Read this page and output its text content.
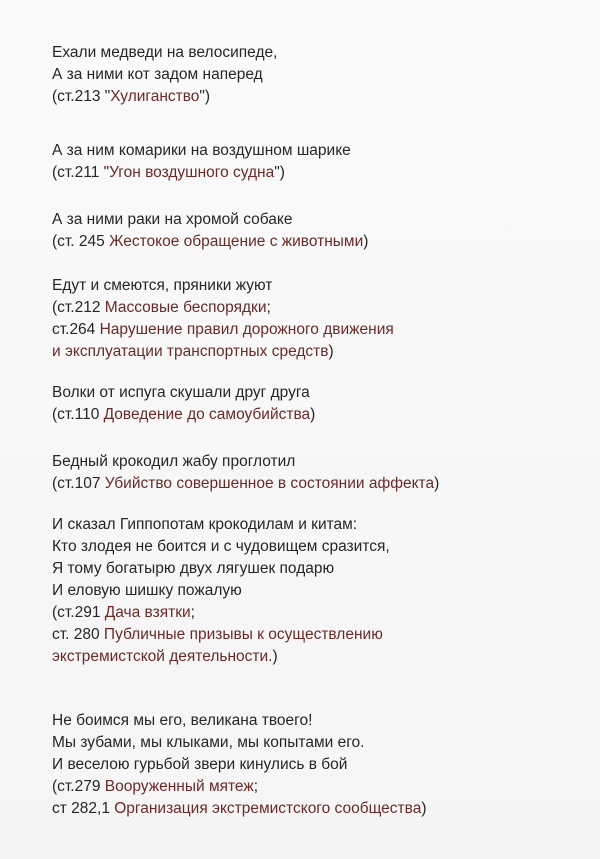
Ехали медведи на велосипеде,
А за ними кот задом наперед
(ст.213 "Хулиганство")
А за ним комарики на воздушном шарике
(ст.211 "Угон воздушного судна")
А за ними раки на хромой собаке
(ст. 245 Жестокое обращение с животными)
Едут и смеются, пряники жуют
(ст.212 Массовые беспорядки;
ст.264 Нарушение правил дорожного движения
и эксплуатации транспортных средств)
Волки от испуга скушали друг друга
(ст.110 Доведение до самоубийства)
Бедный крокодил жабу проглотил
(ст.107 Убийство совершенное в состоянии аффекта)
И сказал Гиппопотам крокодилам и китам:
Кто злодея не боится и с чудовищем сразится,
Я тому богатырю двух лягушек подарю
И еловую шишку пожалую
(ст.291 Дача взятки;
ст. 280 Публичные призывы к осуществлению
экстремистской деятельности.)
Не боимся мы его, великана твоего!
Мы зубами, мы клыками, мы копытами его.
И веселою гурьбой звери кинулись в бой
(ст.279 Вооруженный мятеж;
ст 282,1 Организация экстремистского сообщества)
